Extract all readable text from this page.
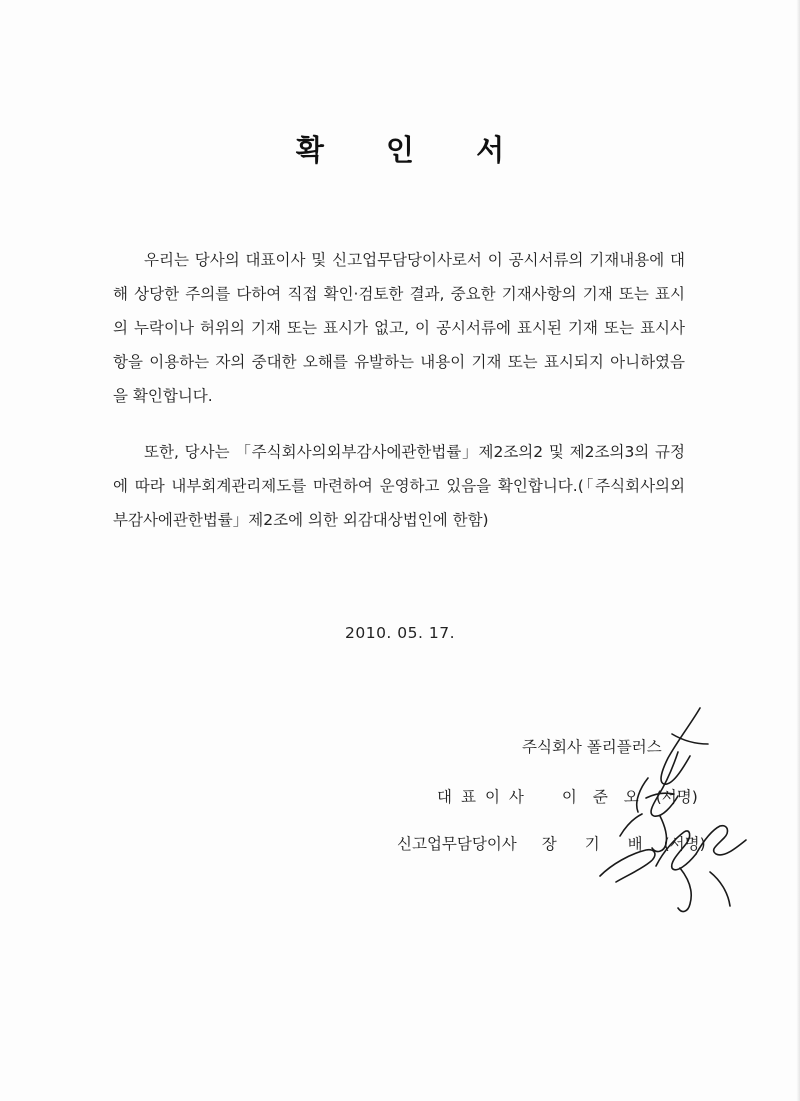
확 인 서

우리는 당사의 대표이사 및 신고업무담당이사로서 이 공시서류의 기재내용에 대해 상당한 주의를 다하여 직접 확인·검토한 결과, 중요한 기재사항의 기재 또는 표시의 누락이나 허위의 기재 또는 표시가 없고, 이 공시서류에 표시된 기재 또는 표시사항을 이용하는 자의 중대한 오해를 유발하는 내용이 기재 또는 표시되지 아니하였음을 확인합니다.

또한, 당사는 「주식회사의외부감사에관한법률」제2조의2 및 제2조의3의 규정에 따라 내부회계관리제도를 마련하여 운영하고 있음을 확인합니다.(「주식회사의외부감사에관한법률」제2조에 의한 외감대상법인에 한함)

2010. 05. 17.
주식회사 폴리플러스
대표이사 이준오 (서명)
신고업무담당이사 장기배 (서명)
